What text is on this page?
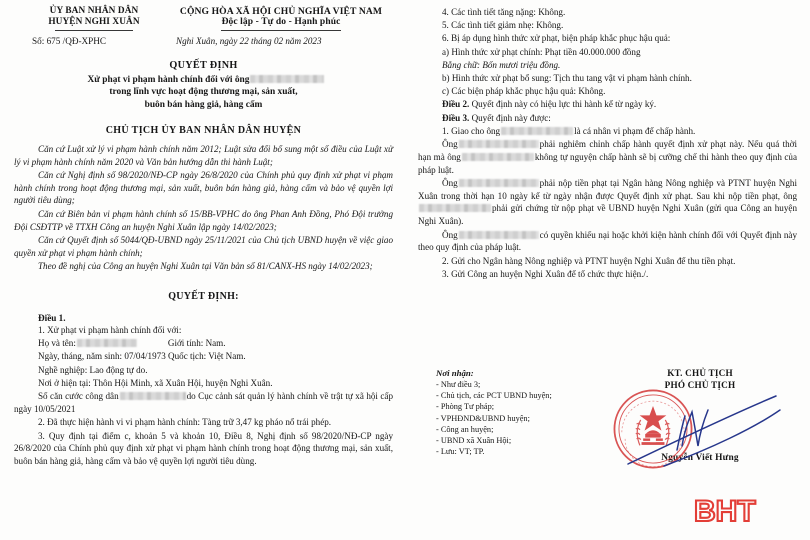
ỦY BAN NHÂN DÂN
HUYỆN NGHI XUÂN
CỘNG HÒA XÃ HỘI CHỦ NGHĨA VIỆT NAM
Độc lập - Tự do - Hạnh phúc
Số: 675 /QĐ-XPHC	Nghi Xuân, ngày 22 tháng 02 năm 2023
QUYẾT ĐỊNH
Xử phạt vi phạm hành chính đối với ông
trong lĩnh vực hoạt động thương mại, sản xuất,
buôn bán hàng giả, hàng cấm
CHỦ TỊCH ỦY BAN NHÂN DÂN HUYỆN

Căn cứ Luật xử lý vi phạm hành chính năm 2012; Luật sửa đổi bổ sung một số điều của Luật xử lý vi phạm hành chính năm 2020 và Văn bản hướng dẫn thi hành Luật;

Căn cứ Nghị định số 98/2020/NĐ-CP ngày 26/8/2020 của Chính phủ quy định xử phạt vi phạm hành chính trong hoạt động thương mại, sản xuất, buôn bán hàng giả, hàng cấm và bảo vệ quyền lợi người tiêu dùng;

Căn cứ Biên bản vi phạm hành chính số 15/BB-VPHC do ông Phan Anh Đồng, Phó Đội trưởng Đội CSĐTTP về TTXH Công an huyện Nghi Xuân lập ngày 14/02/2023;

Căn cứ Quyết định số 5044/QĐ-UBND ngày 25/11/2021 của Chủ tịch UBND huyện về việc giao quyền xử phạt vi phạm hành chính;

Theo đề nghị của Công an huyện Nghi Xuân tại Văn bản số 81/CANX-HS ngày 14/02/2023;

QUYẾT ĐỊNH:
Điều 1.

1. Xử phạt vi phạm hành chính đối với:

Họ và tên:	Giới tính: Nam.

Ngày, tháng, năm sinh: 07/04/1973 Quốc tịch: Việt Nam.

Nghề nghiệp: Lao động tự do.

Nơi ở hiện tại: Thôn Hội Minh, xã Xuân Hội, huyện Nghi Xuân.

Số căn cước công dân	do Cục cảnh sát quản lý hành chính về trật tự xã hội cấp ngày 10/05/2021

2. Đã thực hiện hành vi vi phạm hành chính: Tàng trữ 3,47 kg pháo nổ trái phép.

3. Quy định tại điểm c, khoản 5 và khoản 10, Điều 8, Nghị định số 98/2020/NĐ-CP ngày 26/8/2020 của Chính phủ quy định xử phạt vi phạm hành chính trong hoạt động thương mại, sản xuất, buôn bán hàng giả, hàng cấm và bảo vệ quyền lợi người tiêu dùng.

4. Các tình tiết tăng nặng: Không.

5. Các tình tiết giảm nhẹ: Không.

6. Bị áp dụng hình thức xử phạt, biện pháp khắc phục hậu quả:

a) Hình thức xử phạt chính: Phạt tiền 40.000.000 đồng

Bằng chữ: Bốn mươi triệu đồng.

b) Hình thức xử phạt bổ sung: Tịch thu tang vật vi phạm hành chính.

c) Các biện pháp khắc phục hậu quả: Không.

Điều 2. Quyết định này có hiệu lực thi hành kể từ ngày ký.

Điều 3. Quyết định này được:

1. Giao cho ông	là cá nhân vi phạm để chấp hành.

Ông	phải nghiêm chỉnh chấp hành quyết định xử phạt này. Nếu quá thời hạn mà ông	không tự nguyện chấp hành sẽ bị cưỡng chế thi hành theo quy định của pháp luật.

Ông	phải nộp tiền phạt tại Ngân hàng Nông nghiệp và PTNT huyện Nghi Xuân trong thời hạn 10 ngày kể từ ngày nhận được Quyết định xử phạt. Sau khi nộp tiền phạt, ôngphải gửi chứng từ nộp phạt về UBND huyện Nghi Xuân (gửi qua Công an huyện Nghi Xuân).

Ông	có quyền khiếu nại hoặc khởi kiện hành chính đối với Quyết định này theo quy định của pháp luật.

2. Gửi cho Ngân hàng Nông nghiệp và PTNT huyện Nghi Xuân để thu tiền phạt.

3. Gửi Công an huyện Nghi Xuân để tổ chức thực hiện./.

Nơi nhận:
- Như điều 3;
- Chủ tịch, các PCT UBND huyện;
- Phòng Tư pháp;
- VPHĐND&UBND huyện;
- Công an huyện;
- UBND xã Xuân Hội;
- Lưu: VT; TP.
KT. CHỦ TỊCH
PHÓ CHỦ TỊCH
Nguyễn Viết Hưng
BHT
